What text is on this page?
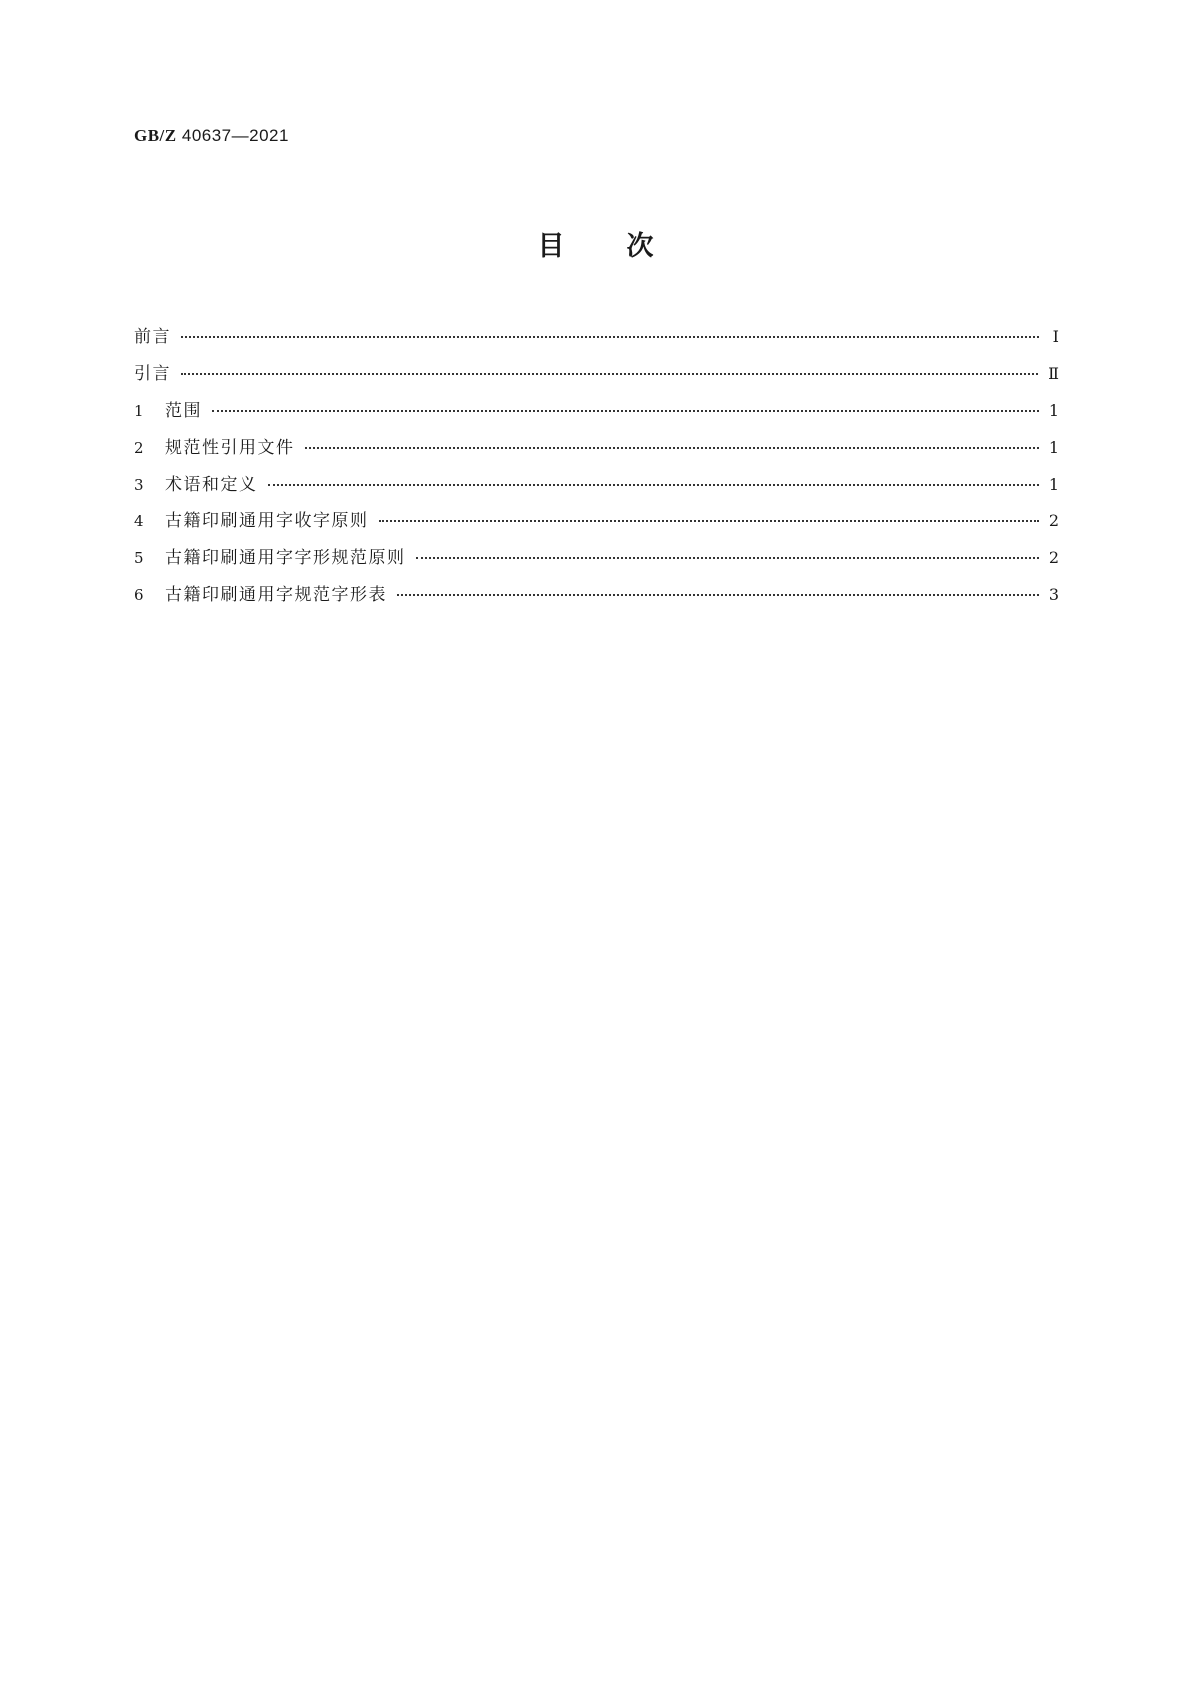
GB/Z 40637—2021
目次
前言	Ⅰ
引言	Ⅱ
1	范围	1
2	规范性引用文件	1
3	术语和定义	1
4	古籍印刷通用字收字原则	2
5	古籍印刷通用字字形规范原则	2
6	古籍印刷通用字规范字形表	3
